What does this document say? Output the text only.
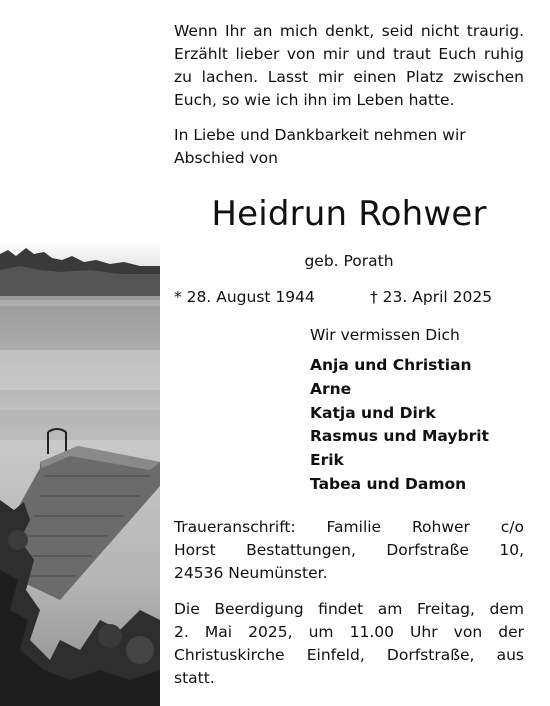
Wenn Ihr an mich denkt, seid nicht traurig.
Erzählt lieber von mir und traut Euch ruhig
zu lachen. Lasst mir einen Platz zwischen
Euch, so wie ich ihn im Leben hatte.
In Liebe und Dankbarkeit nehmen wir
Abschied von
Heidrun Rohwer
geb. Porath
* 28. August 1944	† 23. April 2025
Wir vermissen Dich
Anja und Christian
Arne
Katja und Dirk
Rasmus und Maybrit
Erik
Tabea und Damon
Traueranschrift: Familie Rohwer c/o
Horst Bestattungen, Dorfstraße 10,
24536 Neumünster.
Die Beerdigung findet am Freitag, dem
2. Mai 2025, um 11.00 Uhr von der
Christuskirche Einfeld, Dorfstraße, aus
statt.
